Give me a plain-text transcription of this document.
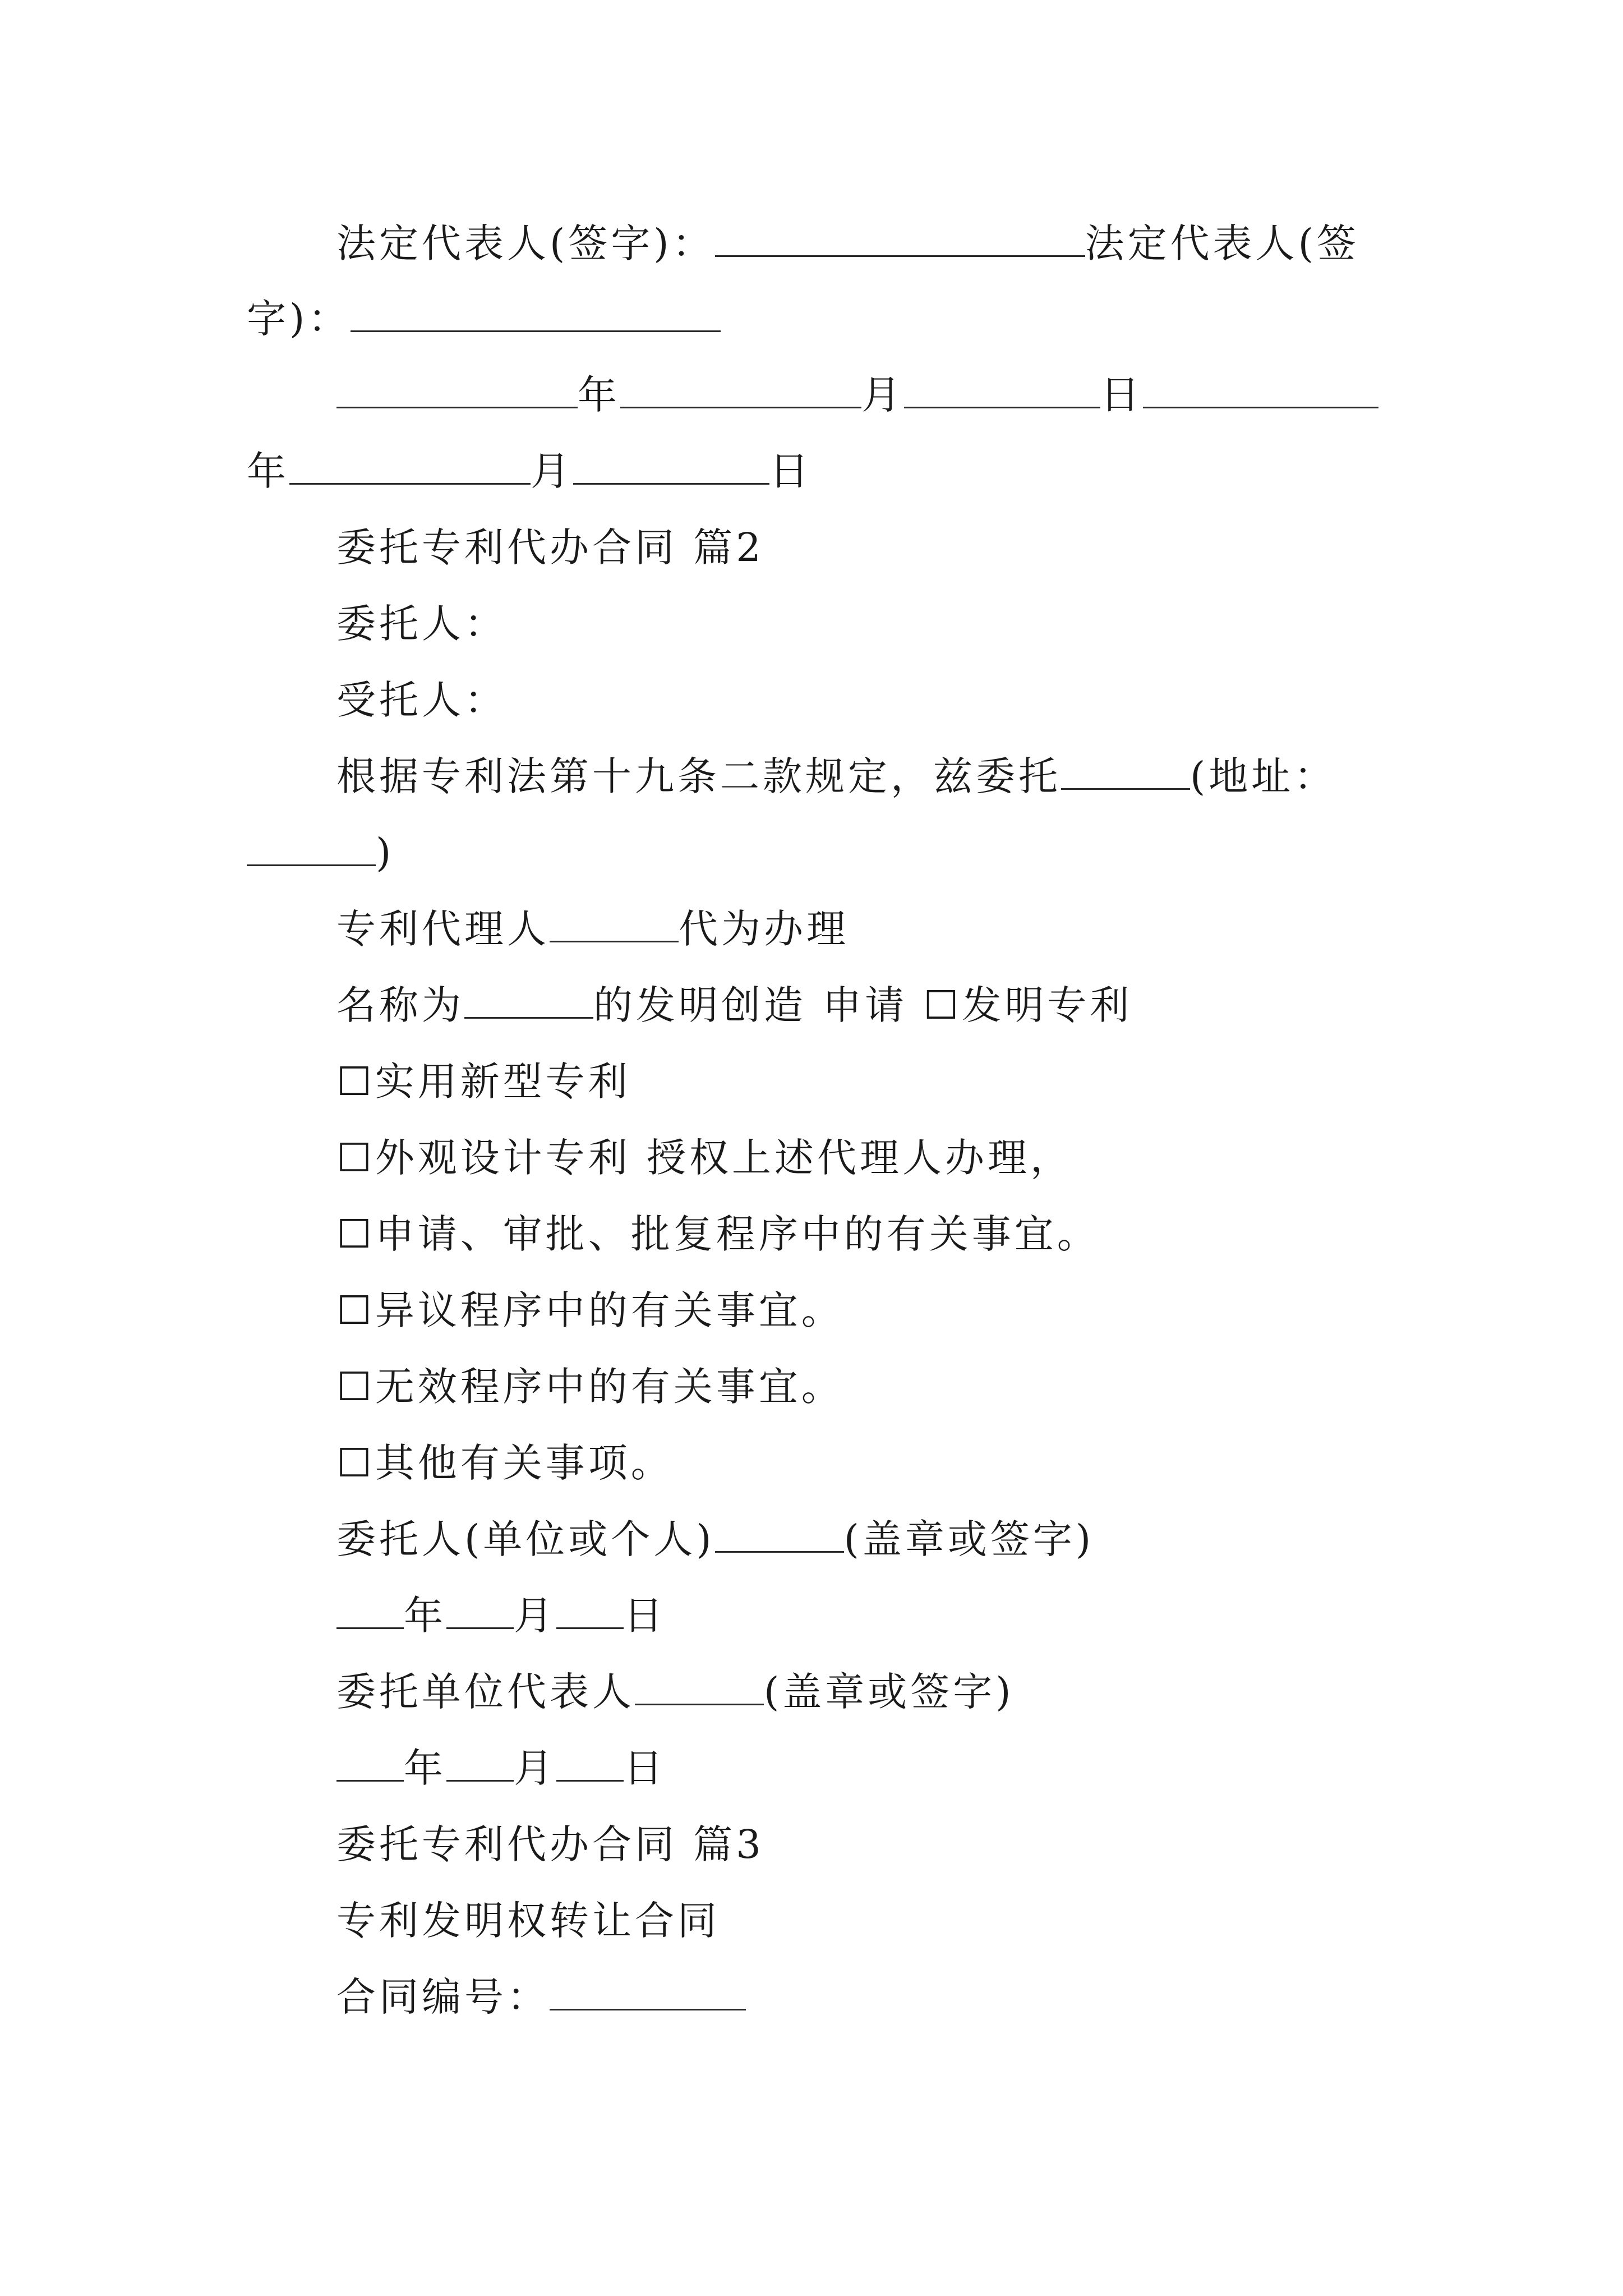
法定代表人(签字)：	法定代表人(签
字)：
年	月	日
年	月	日
委托专利代办合同 篇2
委托人：
受托人：
根据专利法第十九条二款规定，兹委托	(地址：
)
专利代理人	代为办理
名称为	的发明创造 申请 ☐发明专利
☐实用新型专利
☐外观设计专利 授权上述代理人办理，
☐申请、审批、批复程序中的有关事宜。
☐异议程序中的有关事宜。
☐无效程序中的有关事宜。
☐其他有关事项。
委托人(单位或个人)	(盖章或签字)
年 月 日
委托单位代表人	(盖章或签字)
年 月 日
委托专利代办合同 篇3
专利发明权转让合同
合同编号：
